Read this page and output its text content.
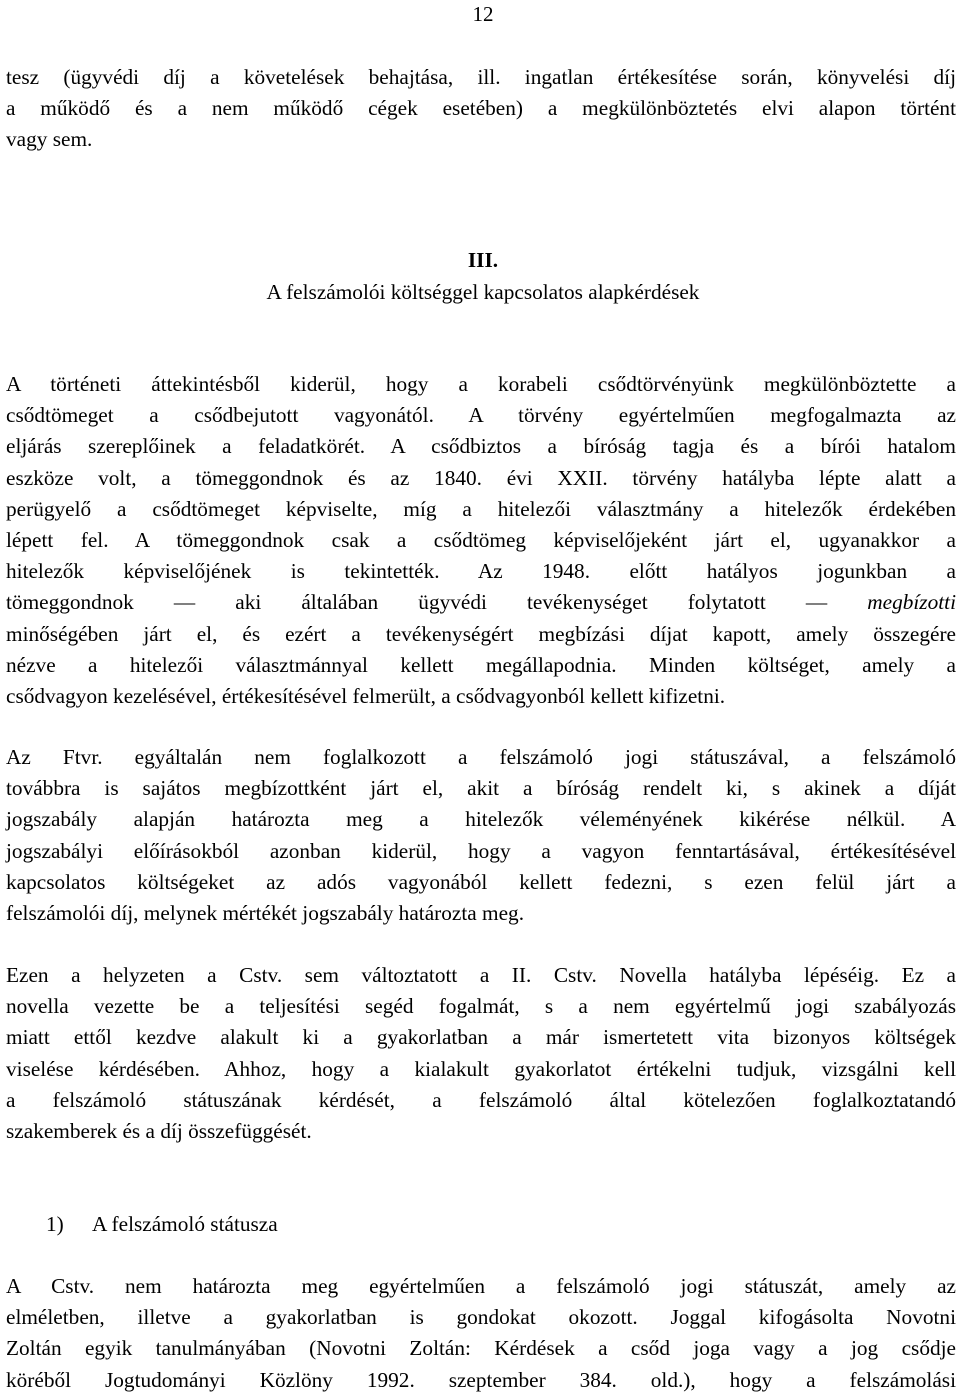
12
tesz (ügyvédi díj a követelések behajtása, ill. ingatlan értékesítése során, könyvelési díj
a működő és a nem működő cégek esetében) a megkülönböztetés elvi alapon történt
vagy sem.
III.
A felszámolói költséggel kapcsolatos alapkérdések
A történeti áttekintésből kiderül, hogy a korabeli csődtörvényünk megkülönböztette a
csődtömeget a csődbejutott vagyonától. A törvény egyértelműen megfogalmazta az
eljárás szereplőinek a feladatkörét. A csődbiztos a bíróság tagja és a bírói hatalom
eszköze volt, a tömeggondnok és az 1840. évi XXII. törvény hatályba lépte alatt a
perügyelő a csődtömeget képviselte, míg a hitelezői választmány a hitelezők érdekében
lépett fel. A tömeggondnok csak a csődtömeg képviselőjeként járt el, ugyanakkor a
hitelezők képviselőjének is tekintették. Az 1948. előtt hatályos jogunkban a
tömeggondnok — aki általában ügyvédi tevékenységet folytatott — megbízotti
minőségében járt el, és ezért a tevékenységért megbízási díjat kapott, amely összegére
nézve a hitelezői választmánnyal kellett megállapodnia. Minden költséget, amely a
csődvagyon kezelésével, értékesítésével felmerült, a csődvagyonból kellett kifizetni.
Az Ftvr. egyáltalán nem foglalkozott a felszámoló jogi státuszával, a felszámoló
továbbra is sajátos megbízottként járt el, akit a bíróság rendelt ki, s akinek a díját
jogszabály alapján határozta meg a hitelezők véleményének kikérése nélkül. A
jogszabályi előírásokból azonban kiderül, hogy a vagyon fenntartásával, értékesítésével
kapcsolatos költségeket az adós vagyonából kellett fedezni, s ezen felül járt a
felszámolói díj, melynek mértékét jogszabály határozta meg.
Ezen a helyzeten a Cstv. sem változtatott a II. Cstv. Novella hatályba lépéséig. Ez a
novella vezette be a teljesítési segéd fogalmát, s a nem egyértelmű jogi szabályozás
miatt ettől kezdve alakult ki a gyakorlatban a már ismertetett vita bizonyos költségek
viselése kérdésében. Ahhoz, hogy a kialakult gyakorlatot értékelni tudjuk, vizsgálni kell
a felszámoló státuszának kérdését, a felszámoló által kötelezően foglalkoztatandó
szakemberek és a díj összefüggését.
1) A felszámoló státusza
A Cstv. nem határozta meg egyértelműen a felszámoló jogi státuszát, amely az
elméletben, illetve a gyakorlatban is gondokat okozott. Joggal kifogásolta Novotni
Zoltán egyik tanulmányában (Novotni Zoltán: Kérdések a csőd joga vagy a jog csődje
köréből Jogtudományi Közlöny 1992. szeptember 384. old.), hogy a felszámolási
